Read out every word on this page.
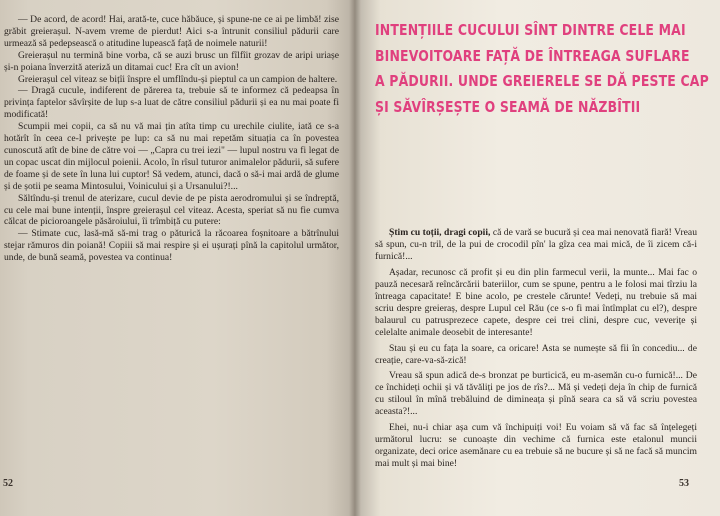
— De acord, de acord! Hai, arată-te, cuce hăbăuce, și spune-ne ce ai pe limbă! zise grăbit greierașul. N-avem vreme de pierdut! Aici s-a întrunit consiliul pădurii care urmează să pedepsească o atitudine lupească față de noimele naturii!

Greierașul nu termină bine vorba, că se auzi brusc un fîlfîit grozav de aripi uriașe și-n poiana înverzită ateriză un ditamai cuc! Era cît un avion!

Greierașul cel viteaz se bițîi înspre el umflîndu-și pieptul ca un campion de haltere.

— Dragă cucule, indiferent de părerea ta, trebuie să te informez că pedeapsa în privința faptelor săvîrșite de lup s-a luat de către consiliul pădurii și ea nu mai poate fi modificată!

Scumpii mei copii, ca să nu vă mai țin atîta timp cu urechile ciulite, iată ce s-a hotărît în ceea ce-l privește pe lup: ca să nu mai repetăm situația ca în povestea cunoscută atît de bine de către voi — „Capra cu trei iezi" — lupul nostru va fi legat de un copac uscat din mijlocul poienii. Acolo, în rîsul tuturor animalelor pădurii, să sufere de foame și de sete în luna lui cuptor! Să vedem, atunci, dacă o să-i mai ardă de glume și de șotii pe seama Mintosului, Voinicului și a Ursanului?!...

Săltîndu-și trenul de aterizare, cucul devie de pe pista aerodromului și se îndreptă, cu cele mai bune intenții, înspre greierașul cel viteaz. Acesta, speriat să nu fie cumva călcat de picioroangele păsăroiului, îi trîmbiță cu putere:

— Stimate cuc, lasă-mă să-mi trag o păturică la răcoarea foșnitoare a bătrînului stejar rămuros din poiană! Copiii să mai respire și ei ușurați pînă la capitolul următor, unde, de bună seamă, povestea va continua!

52
INTENȚIILE CUCULUI SÎNT DINTRE CELE MAI
BINEVOITOARE FAȚĂ DE ÎNTREAGA SUFLARE
A PĂDURII. UNDE GREIERELE SE DĂ PESTE CAP
ȘI SĂVÎRȘEȘTE O SEAMĂ DE NĂZBÎTII

Știm cu toții, dragi copii, că de vară se bucură și cea mai nenovată fiară! Vreau să spun, cu-n tril, de la pui de crocodil pîn' la gîza cea mai mică, de îi zicem că-i furnică!...

Așadar, recunosc că profit și eu din plin farmecul verii, la munte... Mai fac o pauză necesară reîncărcării bateriilor, cum se spune, pentru a le folosi mai tîrziu la întreaga capacitate! E bine acolo, pe crestele cărunte! Vedeți, nu trebuie să mai scriu despre greieraș, despre Lupul cel Rău (ce s-o fi mai întîmplat cu el?), despre balaurul cu patrusprezece capete, despre cei trei clini, despre cuc, veverițe și celelalte animale deosebit de interesante!

Stau și eu cu fața la soare, ca oricare! Asta se numește să fii în concediu... de creație, care-va-să-zică!

Vreau să spun adică de-s bronzat pe burticică, eu m-asemăn cu-o furnică!... De ce închideți ochii și vă tăvăliți pe jos de rîs?... Mă și vedeți deja în chip de furnică cu stiloul în mînă trebăluind de dimineața și pînă seara ca să vă scriu povestea aceasta?!...

Ehei, nu-i chiar așa cum vă închipuiți voi! Eu voiam să vă fac să înțelegeți următorul lucru: se cunoaște din vechime că furnica este etalonul muncii organizate, deci orice asemănare cu ea trebuie să ne bucure și să ne facă să muncim mai mult și mai bine!

53
